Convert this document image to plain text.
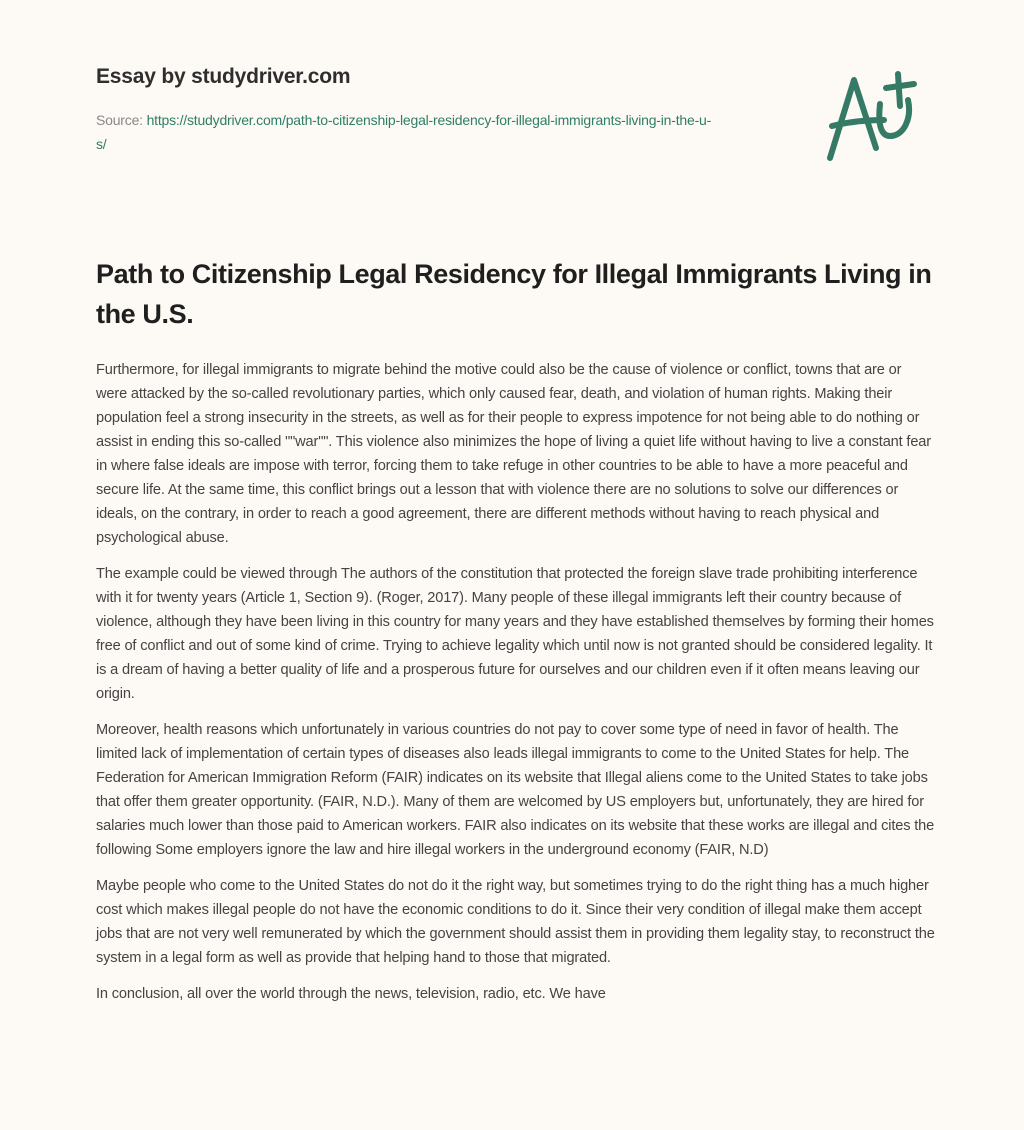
Essay by studydriver.com
Source: https://studydriver.com/path-to-citizenship-legal-residency-for-illegal-immigrants-living-in-the-u-s/
Path to Citizenship Legal Residency for Illegal Immigrants Living in the U.S.

Furthermore, for illegal immigrants to migrate behind the motive could also be the cause of violence or conflict, towns that are or were attacked by the so-called revolutionary parties, which only caused fear, death, and violation of human rights. Making their population feel a strong insecurity in the streets, as well as for their people to express impotence for not being able to do nothing or assist in ending this so-called ""war"". This violence also minimizes the hope of living a quiet life without having to live a constant fear in where false ideals are impose with terror, forcing them to take refuge in other countries to be able to have a more peaceful and secure life. At the same time, this conflict brings out a lesson that with violence there are no solutions to solve our differences or ideals, on the contrary, in order to reach a good agreement, there are different methods without having to reach physical and psychological abuse.

The example could be viewed through The authors of the constitution that protected the foreign slave trade prohibiting interference with it for twenty years (Article 1, Section 9). (Roger, 2017). Many people of these illegal immigrants left their country because of violence, although they have been living in this country for many years and they have established themselves by forming their homes free of conflict and out of some kind of crime. Trying to achieve legality which until now is not granted should be considered legality. It is a dream of having a better quality of life and a prosperous future for ourselves and our children even if it often means leaving our origin.

Moreover, health reasons which unfortunately in various countries do not pay to cover some type of need in favor of health. The limited lack of implementation of certain types of diseases also leads illegal immigrants to come to the United States for help. The Federation for American Immigration Reform (FAIR) indicates on its website that Illegal aliens come to the United States to take jobs that offer them greater opportunity. (FAIR, N.D.). Many of them are welcomed by US employers but, unfortunately, they are hired for salaries much lower than those paid to American workers. FAIR also indicates on its website that these works are illegal and cites the following Some employers ignore the law and hire illegal workers in the underground economy (FAIR, N.D)

Maybe people who come to the United States do not do it the right way, but sometimes trying to do the right thing has a much higher cost which makes illegal people do not have the economic conditions to do it. Since their very condition of illegal make them accept jobs that are not very well remunerated by which the government should assist them in providing them legality stay, to reconstruct the system in a legal form as well as provide that helping hand to those that migrated.

In conclusion, all over the world through the news, television, radio, etc. We have
